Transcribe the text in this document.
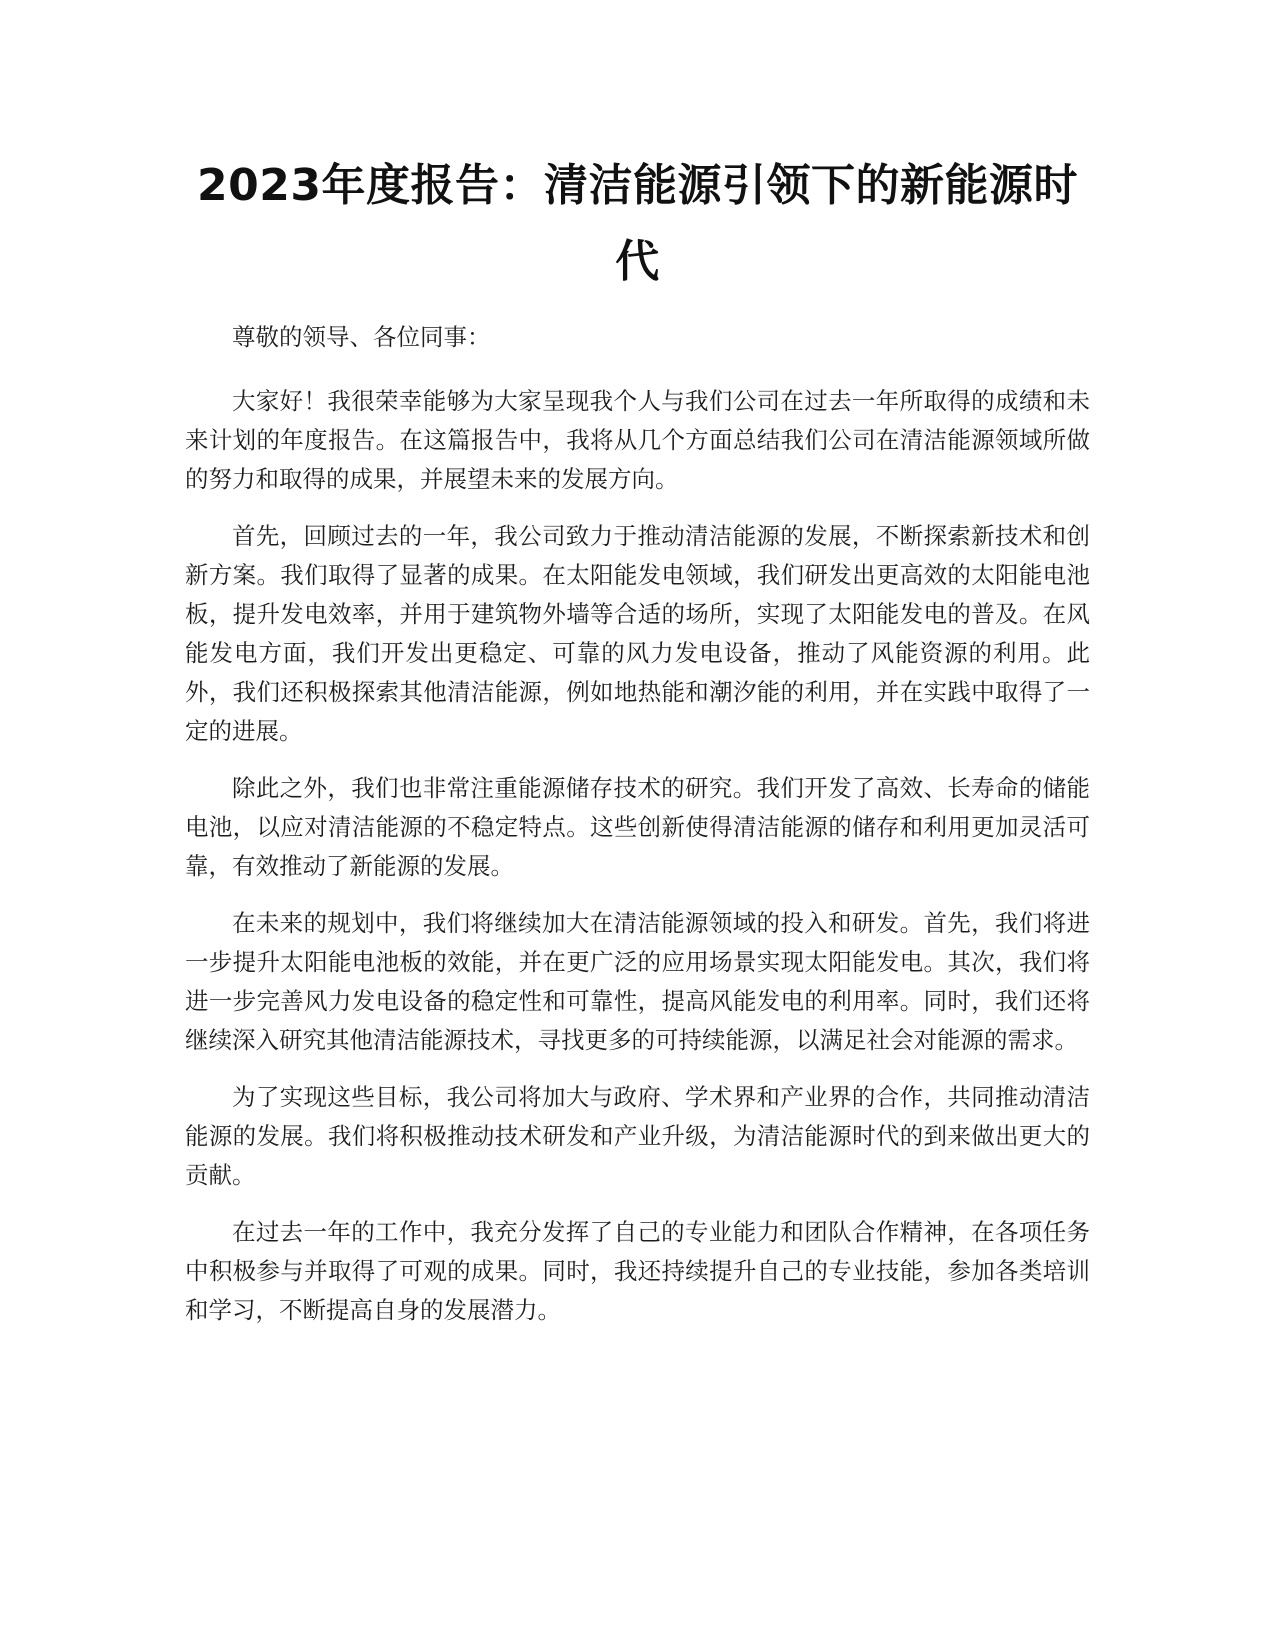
2023年度报告：清洁能源引领下的新能源时代

尊敬的领导、各位同事：

大家好！我很荣幸能够为大家呈现我个人与我们公司在过去一年所取得的成绩和未来计划的年度报告。在这篇报告中，我将从几个方面总结我们公司在清洁能源领域所做的努力和取得的成果，并展望未来的发展方向。

首先，回顾过去的一年，我公司致力于推动清洁能源的发展，不断探索新技术和创新方案。我们取得了显著的成果。在太阳能发电领域，我们研发出更高效的太阳能电池板，提升发电效率，并用于建筑物外墙等合适的场所，实现了太阳能发电的普及。在风能发电方面，我们开发出更稳定、可靠的风力发电设备，推动了风能资源的利用。此外，我们还积极探索其他清洁能源，例如地热能和潮汐能的利用，并在实践中取得了一定的进展。

除此之外，我们也非常注重能源储存技术的研究。我们开发了高效、长寿命的储能电池，以应对清洁能源的不稳定特点。这些创新使得清洁能源的储存和利用更加灵活可靠，有效推动了新能源的发展。

在未来的规划中，我们将继续加大在清洁能源领域的投入和研发。首先，我们将进一步提升太阳能电池板的效能，并在更广泛的应用场景实现太阳能发电。其次，我们将进一步完善风力发电设备的稳定性和可靠性，提高风能发电的利用率。同时，我们还将继续深入研究其他清洁能源技术，寻找更多的可持续能源，以满足社会对能源的需求。

为了实现这些目标，我公司将加大与政府、学术界和产业界的合作，共同推动清洁能源的发展。我们将积极推动技术研发和产业升级，为清洁能源时代的到来做出更大的贡献。

在过去一年的工作中，我充分发挥了自己的专业能力和团队合作精神，在各项任务中积极参与并取得了可观的成果。同时，我还持续提升自己的专业技能，参加各类培训和学习，不断提高自身的发展潜力。
